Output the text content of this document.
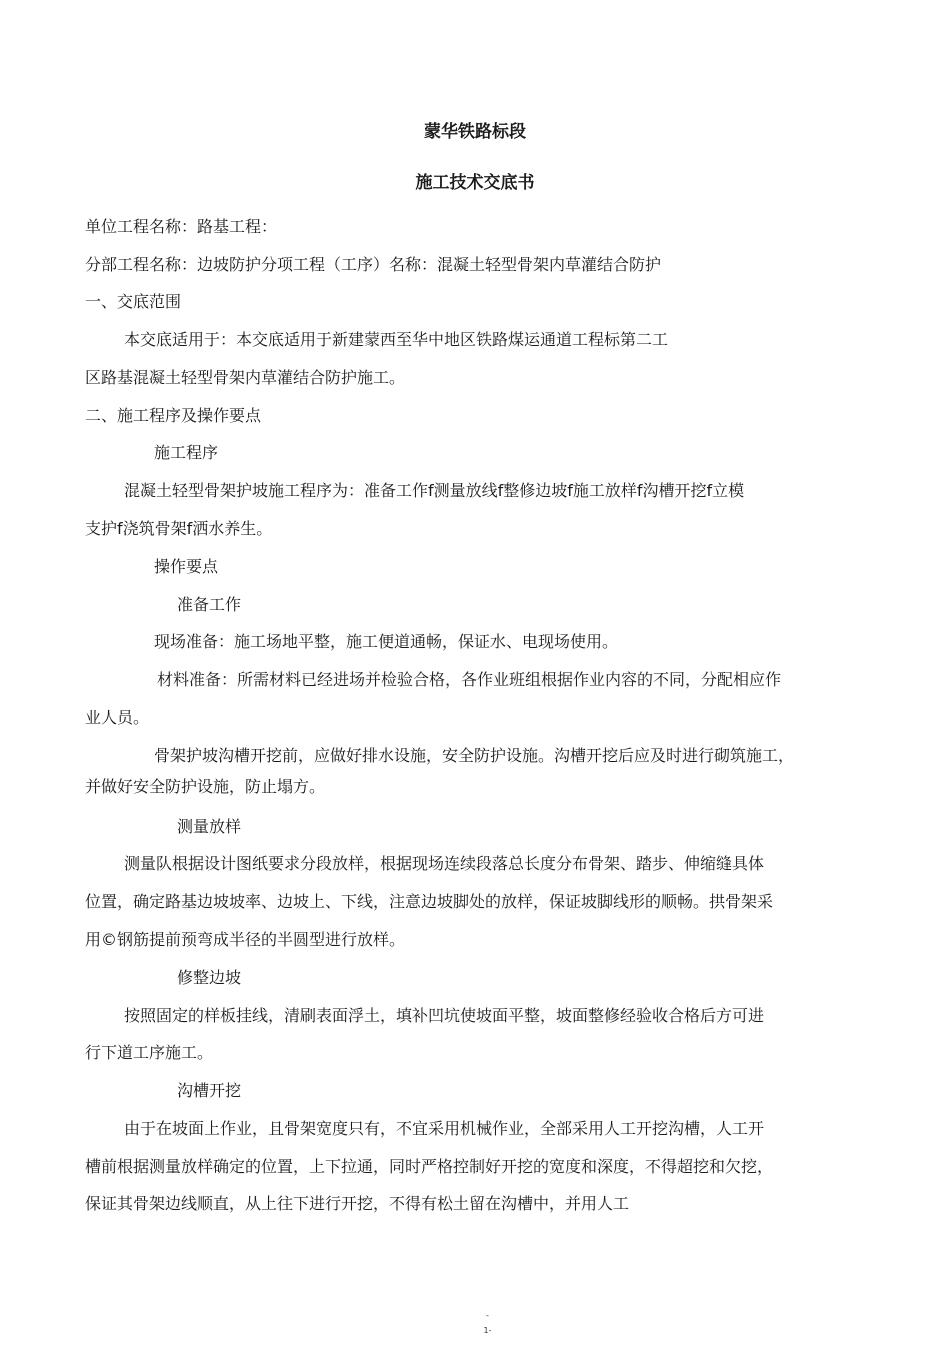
蒙华铁路标段
施工技术交底书
单位工程名称：路基工程：
分部工程名称：边坡防护分项工程（工序）名称：混凝土轻型骨架内草灌结合防护
一、交底范围
本交底适用于：本交底适用于新建蒙西至华中地区铁路煤运通道工程标第二工
区路基混凝土轻型骨架内草灌结合防护施工。
二、施工程序及操作要点
施工程序
混凝土轻型骨架护坡施工程序为：准备工作f测量放线f整修边坡f施工放样f沟槽开挖f立模
支护f浇筑骨架f洒水养生。
操作要点
准备工作
现场准备：施工场地平整，施工便道通畅，保证水、电现场使用。
材料准备：所需材料已经进场并检验合格，各作业班组根据作业内容的不同，分配相应作
业人员。
骨架护坡沟槽开挖前，应做好排水设施，安全防护设施。沟槽开挖后应及时进行砌筑施工，
并做好安全防护设施，防止塌方。
测量放样
测量队根据设计图纸要求分段放样，根据现场连续段落总长度分布骨架、踏步、伸缩缝具体
位置，确定路基边坡坡率、边坡上、下线，注意边坡脚处的放样，保证坡脚线形的顺畅。拱骨架采
用©钢筋提前预弯成半径的半圆型进行放样。
修整边坡
按照固定的样板挂线，清刷表面浮土，填补凹坑使坡面平整，坡面整修经验收合格后方可进
行下道工序施工。
沟槽开挖
由于在坡面上作业，且骨架宽度只有，不宜采用机械作业，全部采用人工开挖沟槽，人工开
槽前根据测量放样确定的位置，上下拉通，同时严格控制好开挖的宽度和深度，不得超挖和欠挖，
保证其骨架边线顺直，从上往下进行开挖，不得有松土留在沟槽中，并用人工
-
1-
